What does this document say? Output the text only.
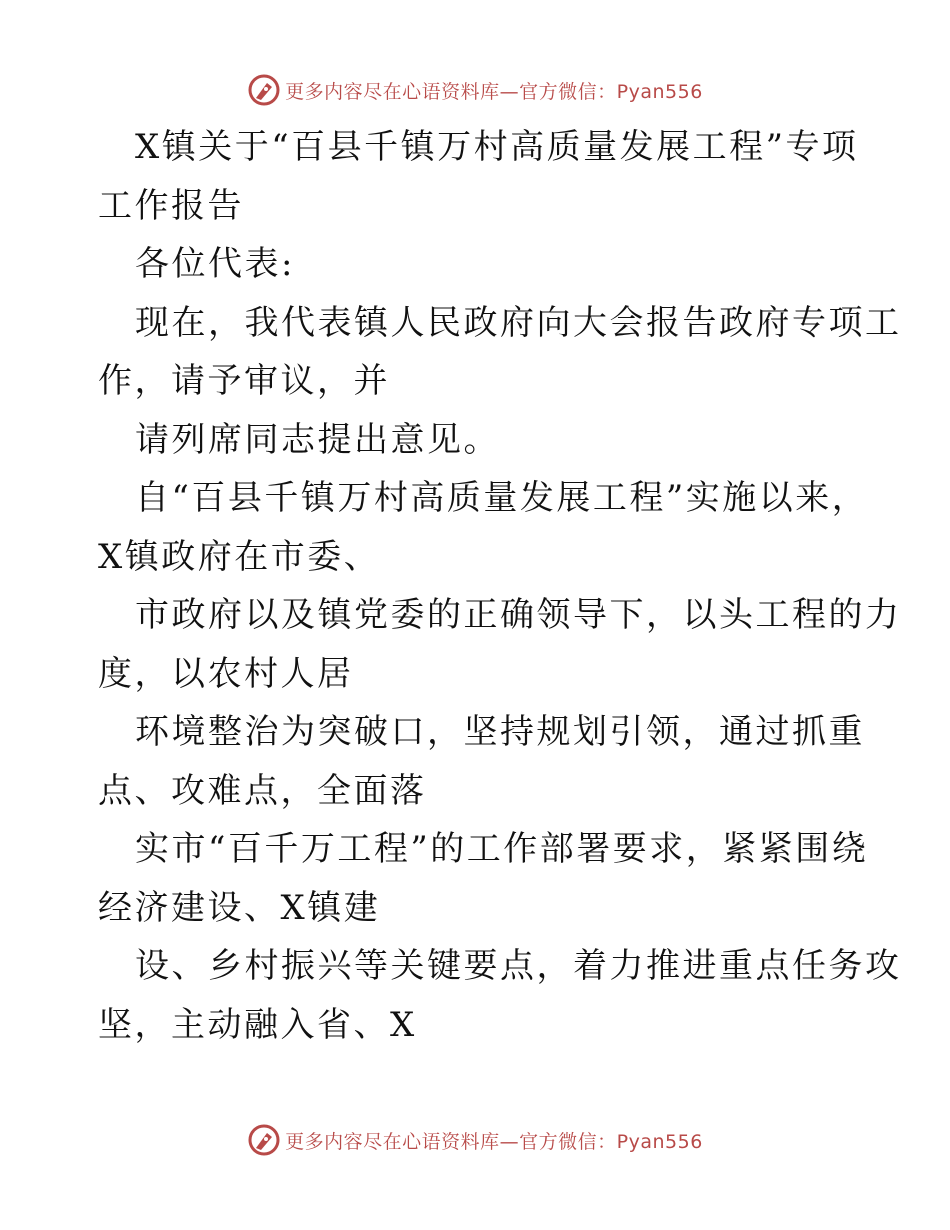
更多内容尽在心语资料库—官方微信：Pyan556
X镇关于“百县千镇万村高质量发展工程”专项
工作报告
各位代表:
现在，我代表镇人民政府向大会报告政府专项工
作，请予审议，并
请列席同志提出意见。
自“百县千镇万村高质量发展工程”实施以来，
X镇政府在市委、
市政府以及镇党委的正确领导下，以头工程的力
度，以农村人居
环境整治为突破口，坚持规划引领，通过抓重
点、攻难点，全面落
实市“百千万工程”的工作部署要求，紧紧围绕
经济建设、X镇建
设、乡村振兴等关键要点，着力推进重点任务攻
坚，主动融入省、X
更多内容尽在心语资料库—官方微信：Pyan556
